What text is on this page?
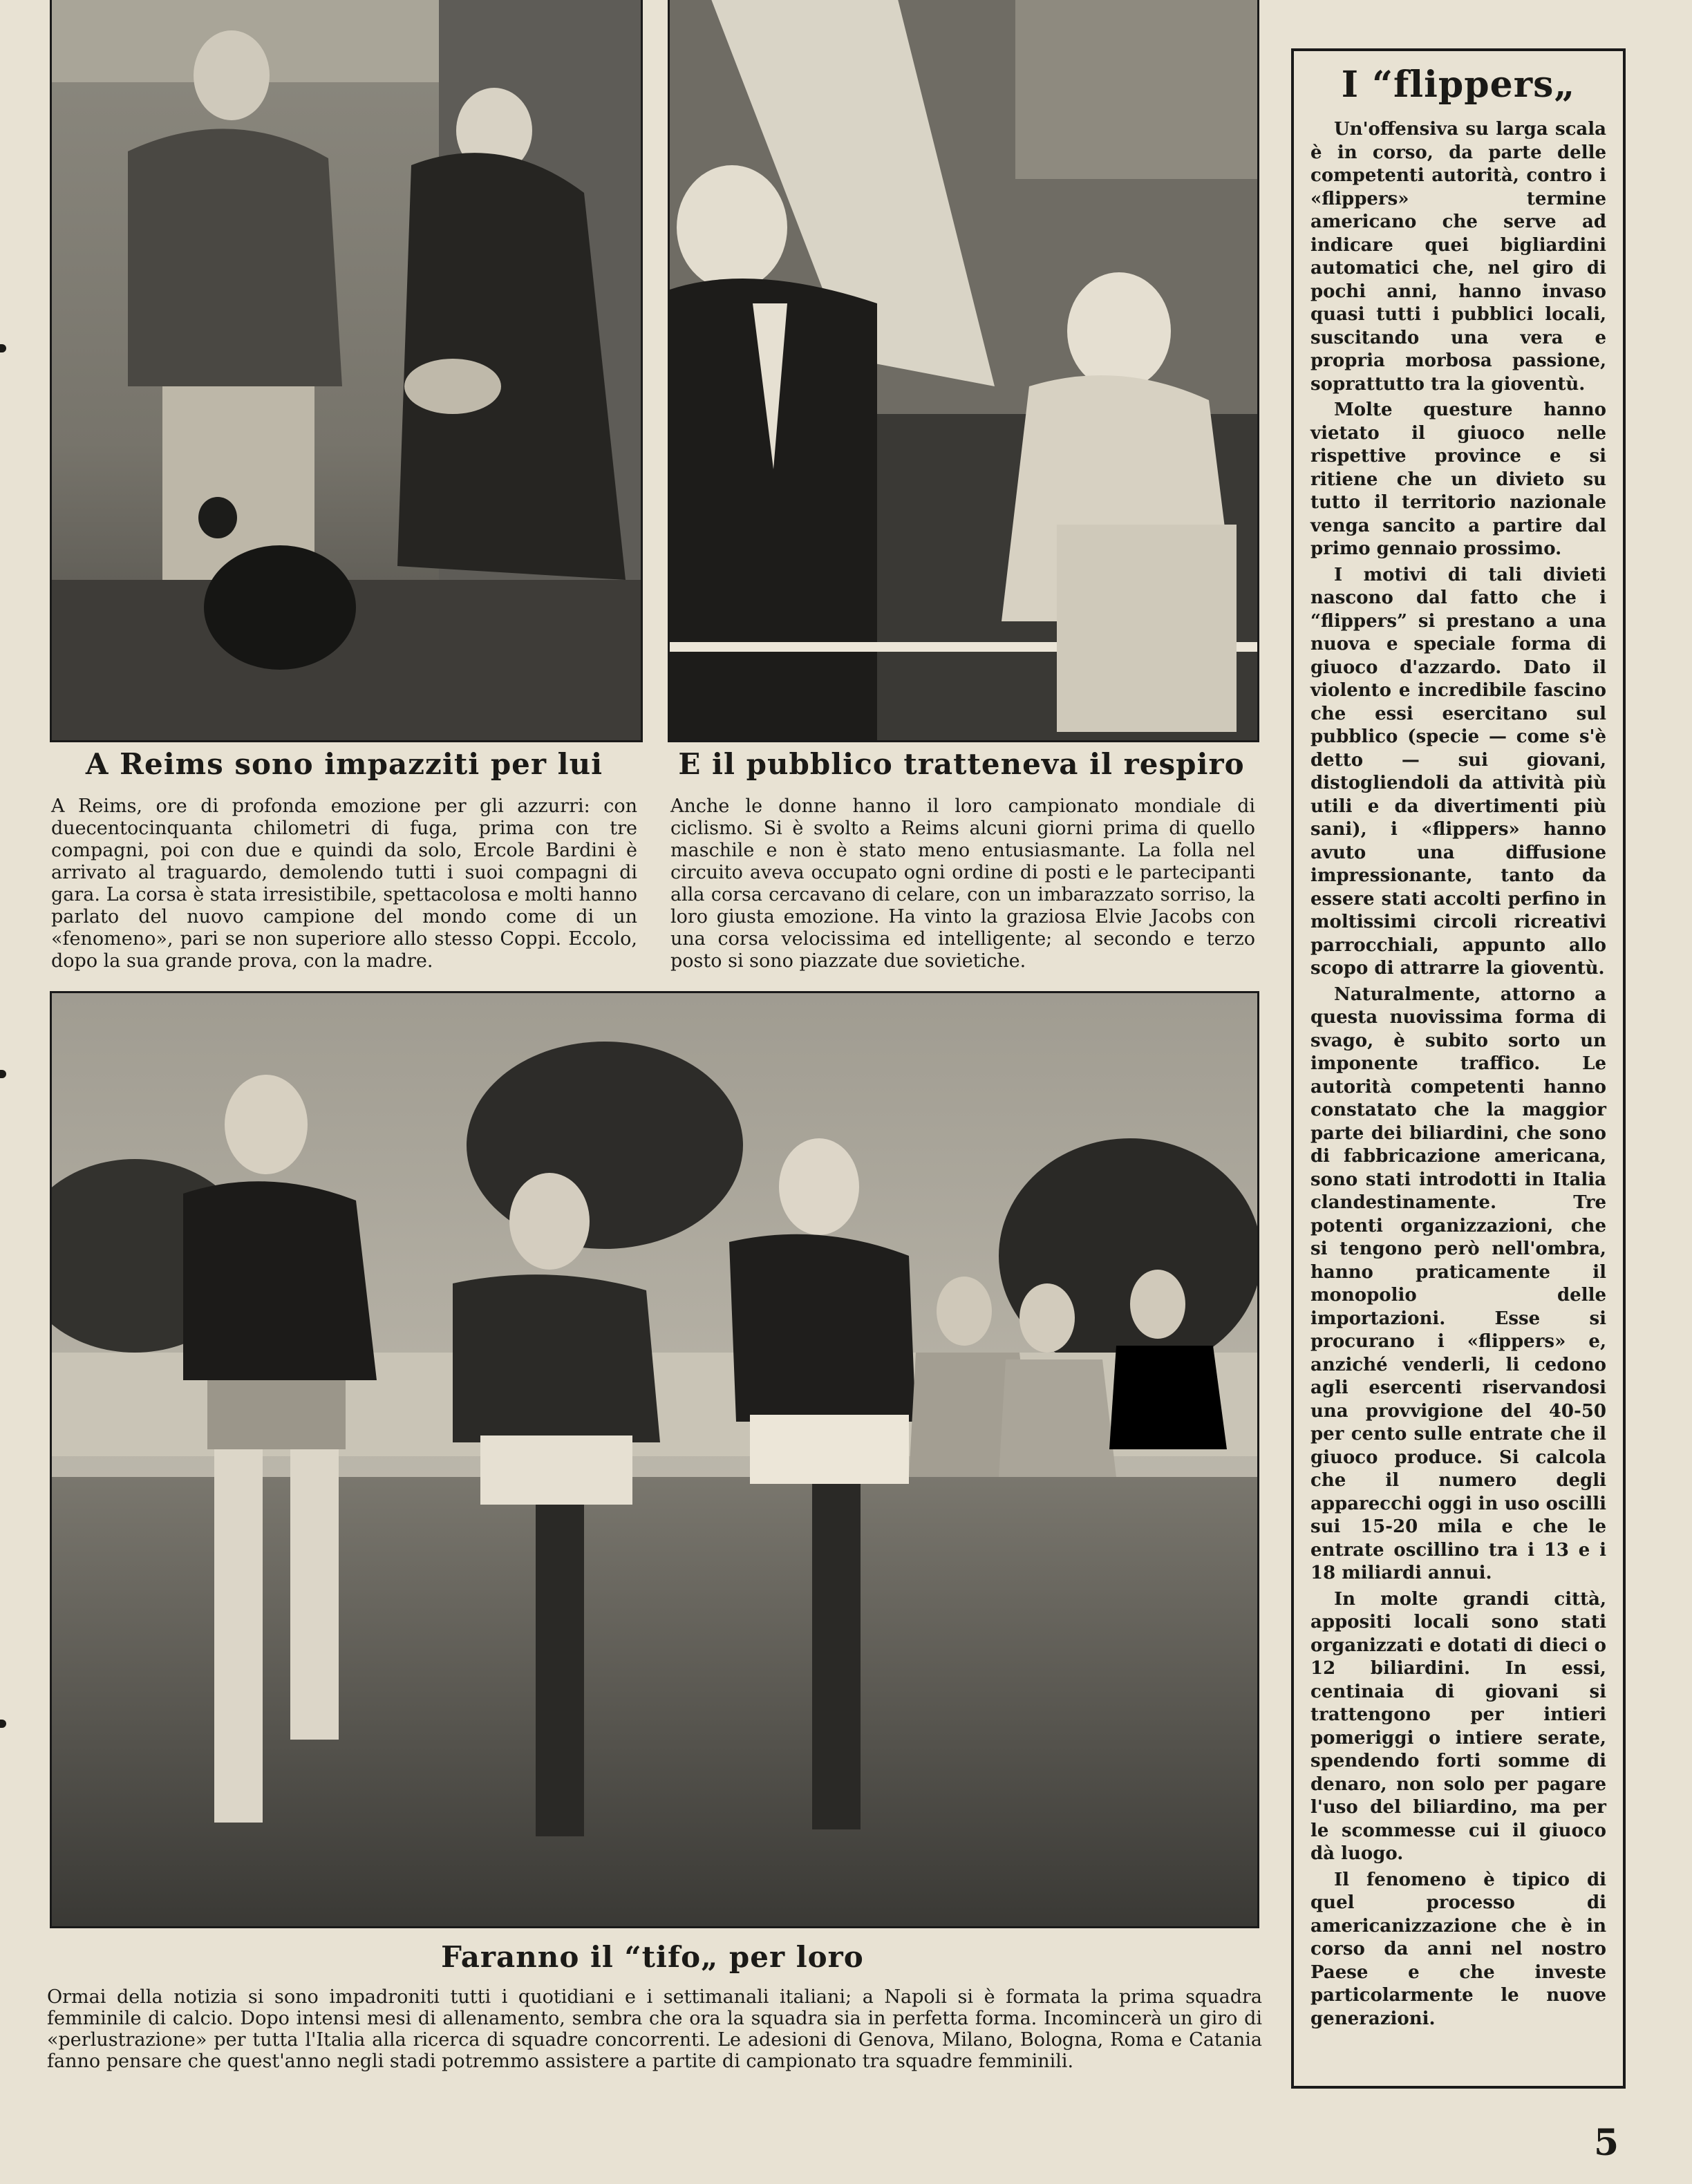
A Reims sono impazziti per lui
A Reims, ore di profonda emozione per gli azzurri: con duecentocinquanta chilometri di fuga, prima con tre compagni, poi con due e quindi da solo, Ercole Bardini è arrivato al traguardo, demolendo tutti i suoi compagni di gara. La corsa è stata irresistibile, spettacolosa e molti hanno parlato del nuovo campione del mondo come di un «fenomeno», pari se non superiore allo stesso Coppi. Eccolo, dopo la sua grande prova, con la madre.
E il pubblico tratteneva il respiro
Anche le donne hanno il loro campionato mondiale di ciclismo. Si è svolto a Reims alcuni giorni prima di quello maschile e non è stato meno entusiasmante. La folla nel circuito aveva occupato ogni ordine di posti e le partecipanti alla corsa cercavano di celare, con un imbarazzato sorriso, la loro giusta emozione. Ha vinto la graziosa Elvie Jacobs con una corsa velocissima ed intelligente; al secondo e terzo posto si sono piazzate due sovietiche.
Faranno il “tifo„ per loro
Ormai della notizia si sono impadroniti tutti i quotidiani e i settimanali italiani; a Napoli si è formata la prima squadra femminile di calcio. Dopo intensi mesi di allenamento, sembra che ora la squadra sia in perfetta forma. Incomincerà un giro di «perlustrazione» per tutta l'Italia alla ricerca di squadre concorrenti. Le adesioni di Genova, Milano, Bologna, Roma e Catania fanno pensare che quest'anno negli stadi potremmo assistere a partite di campionato tra squadre femminili.
I “flippers„

Un'offensiva su larga scala è in corso, da parte delle competenti autorità, contro i «flippers» termine americano che serve ad indicare quei bigliardini automatici che, nel giro di pochi anni, hanno invaso quasi tutti i pubblici locali, suscitando una vera e propria morbosa passione, soprattutto tra la gioventù.

Molte questure hanno vietato il giuoco nelle rispettive province e si ritiene che un divieto su tutto il territorio nazionale venga sancito a partire dal primo gennaio prossimo.

I motivi di tali divieti nascono dal fatto che i “flippers” si prestano a una nuova e speciale forma di giuoco d'azzardo. Dato il violento e incredibile fascino che essi esercitano sul pubblico (specie — come s'è detto — sui giovani, distogliendoli da attività più utili e da divertimenti più sani), i «flippers» hanno avuto una diffusione impressionante, tanto da essere stati accolti perfino in moltissimi circoli ricreativi parrocchiali, appunto allo scopo di attrarre la gioventù.

Naturalmente, attorno a questa nuovissima forma di svago, è subito sorto un imponente traffico. Le autorità competenti hanno constatato che la maggior parte dei biliardini, che sono di fabbricazione americana, sono stati introdotti in Italia clandestinamente. Tre potenti organizzazioni, che si tengono però nell'ombra, hanno praticamente il monopolio delle importazioni. Esse si procurano i «flippers» e, anziché venderli, li cedono agli esercenti riservandosi una provvigione del 40-50 per cento sulle entrate che il giuoco produce. Si calcola che il numero degli apparecchi oggi in uso oscilli sui 15-20 mila e che le entrate oscillino tra i 13 e i 18 miliardi annui.

In molte grandi città, appositi locali sono stati organizzati e dotati di dieci o 12 biliardini. In essi, centinaia di giovani si trattengono per intieri pomeriggi o intiere serate, spendendo forti somme di denaro, non solo per pagare l'uso del biliardino, ma per le scommesse cui il giuoco dà luogo.

Il fenomeno è tipico di quel processo di americanizzazione che è in corso da anni nel nostro Paese e che investe particolarmente le nuove generazioni.

5
